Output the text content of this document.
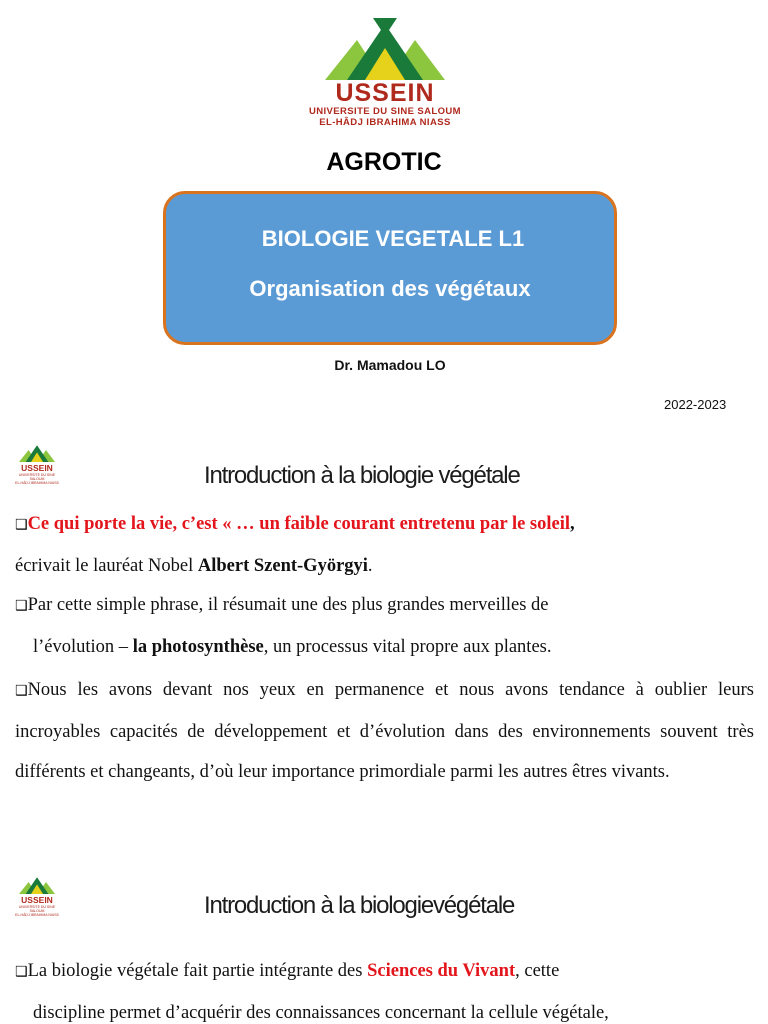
USSEIN
UNIVERSITE DU SINE SALOUM
EL-HÂDJ IBRAHIMA NIASS
AGROTIC
BIOLOGIE VEGETALE L1
Organisation des végétaux
Dr. Mamadou LO
2022-2023
USSEIN
UNIVERSITE DU SINE SALOUM
EL-HÂDJ IBRAHIMA NIASS	Introduction à la biologie végétale
❑Ce qui porte la vie, c’est « … un faible courant entretenu par le soleil,
écrivait le lauréat Nobel Albert Szent-Györgyi.
❑Par cette simple phrase, il résumait une des plus grandes merveilles de
l’évolution – la photosynthèse, un processus vital propre aux plantes.
❑Nous les avons devant nos yeux en permanence et nous avons tendance à oublier leurs incroyables capacités de développement et d’évolution dans des environnements souvent très différents et changeants, d’où leur importance primordiale parmi les autres êtres vivants.
USSEIN
UNIVERSITE DU SINE SALOUM
EL-HÂDJ IBRAHIMA NIASS	Introduction à la biologievégétale
❑La biologie végétale fait partie intégrante des Sciences du Vivant, cette
discipline permet d’acquérir des connaissances concernant la cellule végétale,
